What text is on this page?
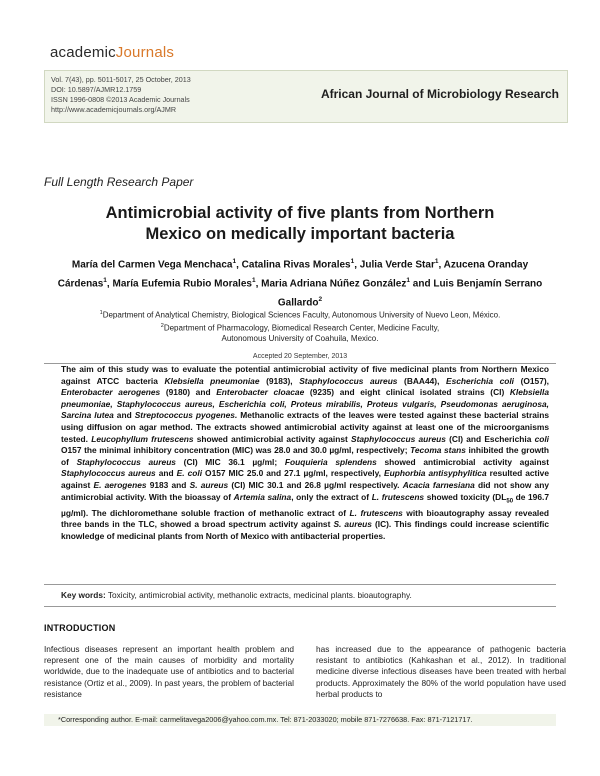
academicJournals
Vol. 7(43), pp. 5011-5017, 25 October, 2013
DOI: 10.5897/AJMR12.1759
ISSN 1996-0808 ©2013 Academic Journals
http://www.academicjournals.org/AJMR
African Journal of Microbiology Research
Full Length Research Paper
Antimicrobial activity of five plants from Northern
Mexico on medically important bacteria
María del Carmen Vega Menchaca$^1$, Catalina Rivas Morales$^1$, Julia Verde Star$^1$, Azucena Oranday Cárdenas$^1$, María Eufemia Rubio Morales$^1$, Maria Adriana Núñez González$^1$ and Luis Benjamín Serrano Gallardo$^2$
$^1$Department of Analytical Chemistry, Biological Sciences Faculty, Autonomous University of Nuevo Leon, México.
$^2$Department of Pharmacology, Biomedical Research Center, Medicine Faculty,
Autonomous University of Coahuila, Mexico.
Accepted 20 September, 2013
The aim of this study was to evaluate the potential antimicrobial activity of five medicinal plants from Northern Mexico against ATCC bacteria Klebsiella pneumoniae (9183), Staphylococcus aureus (BAA44), Escherichia coli (O157), Enterobacter aerogenes (9180) and Enterobacter cloacae (9235) and eight clinical isolated strains (CI) Klebsiella pneumoniae, Staphylococcus aureus, Escherichia coli, Proteus mirabilis, Proteus vulgaris, Pseudomonas aeruginosa, Sarcina lutea and Streptococcus pyogenes. Methanolic extracts of the leaves were tested against these bacterial strains using diffusion on agar method. The extracts showed antimicrobial activity against at least one of the microorganisms tested. Leucophyllum frutescens showed antimicrobial activity against Staphylococcus aureus (CI) and Escherichia coli O157 the minimal inhibitory concentration (MIC) was 28.0 and 30.0 µg/ml, respectively; Tecoma stans inhibited the growth of Staphylococcus aureus (CI) MIC 36.1 µg/ml; Fouquieria splendens showed antimicrobial activity against Staphylococcus aureus and E. coli O157 MIC 25.0 and 27.1 µg/ml, respectively, Euphorbia antisyphylitica resulted active against E. aerogenes 9183 and S. aureus (CI) MIC 30.1 and 26.8 µg/ml respectively. Acacia farnesiana did not show any antimicrobial activity. With the bioassay of Artemia salina, only the extract of L. frutescens showed toxicity ($DL_{50}$ de 196.7 µg/ml). The dichloromethane soluble fraction of methanolic extract of L. frutescens with bioautography assay revealed three bands in the TLC, showed a broad spectrum activity against S. aureus (IC). This findings could increase scientific knowledge of medicinal plants from North of Mexico with antibacterial properties.
Key words: Toxicity, antimicrobial activity, methanolic extracts, medicinal plants. bioautography.
INTRODUCTION
Infectious diseases represent an important health problem and represent one of the main causes of morbidity and mortality worldwide, due to the inadequate use of antibiotics and to bacterial resistance (Ortiz et al., 2009). In past years, the problem of bacterial resistance
has increased due to the appearance of pathogenic bacteria resistant to antibiotics (Kahkashan et al., 2012). In traditional medicine diverse infectious diseases have been treated with herbal products. Approximately the 80% of the world population have used herbal products to
*Corresponding author. E-mail: carmelitavega2006@yahoo.com.mx. Tel: 871-2033020; mobile 871-7276638. Fax: 871-7121717.
